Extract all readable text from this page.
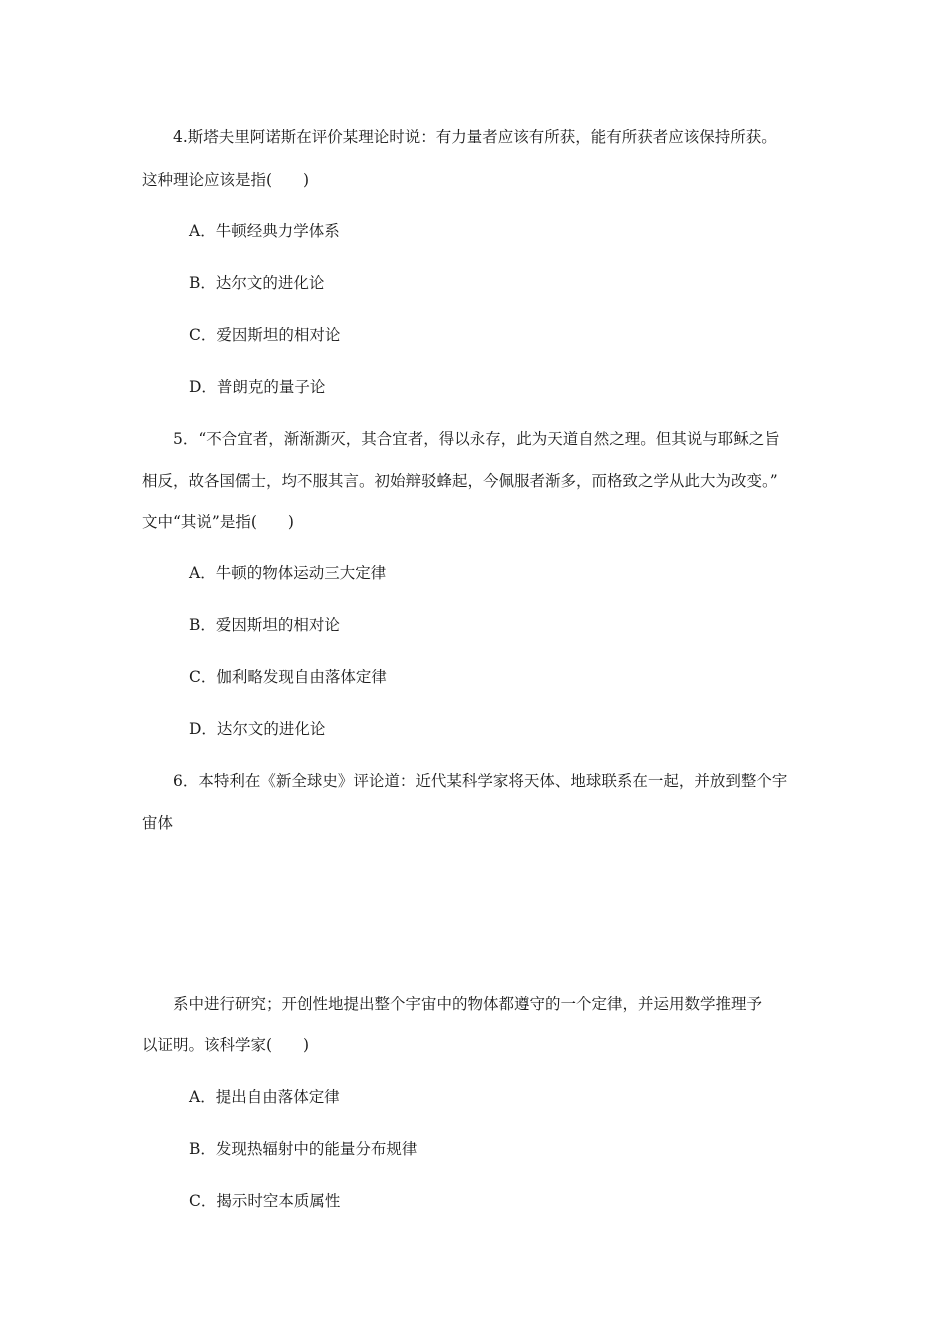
4.斯塔夫里阿诺斯在评价某理论时说：有力量者应该有所获，能有所获者应该保持所获。
这种理论应该是指(　　)
A．牛顿经典力学体系
B．达尔文的进化论
C．爱因斯坦的相对论
D．普朗克的量子论
5．“不合宜者，渐渐澌灭，其合宜者，得以永存，此为天道自然之理。但其说与耶稣之旨
相反，故各国儒士，均不服其言。初始辩驳蜂起，今佩服者渐多，而格致之学从此大为改变。”
文中“其说”是指(　　)
A．牛顿的物体运动三大定律
B．爱因斯坦的相对论
C．伽利略发现自由落体定律
D．达尔文的进化论
6．本特利在《新全球史》评论道：近代某科学家将天体、地球联系在一起，并放到整个宇
宙体
系中进行研究；开创性地提出整个宇宙中的物体都遵守的一个定律，并运用数学推理予
以证明。该科学家(　　)
A．提出自由落体定律
B．发现热辐射中的能量分布规律
C．揭示时空本质属性
